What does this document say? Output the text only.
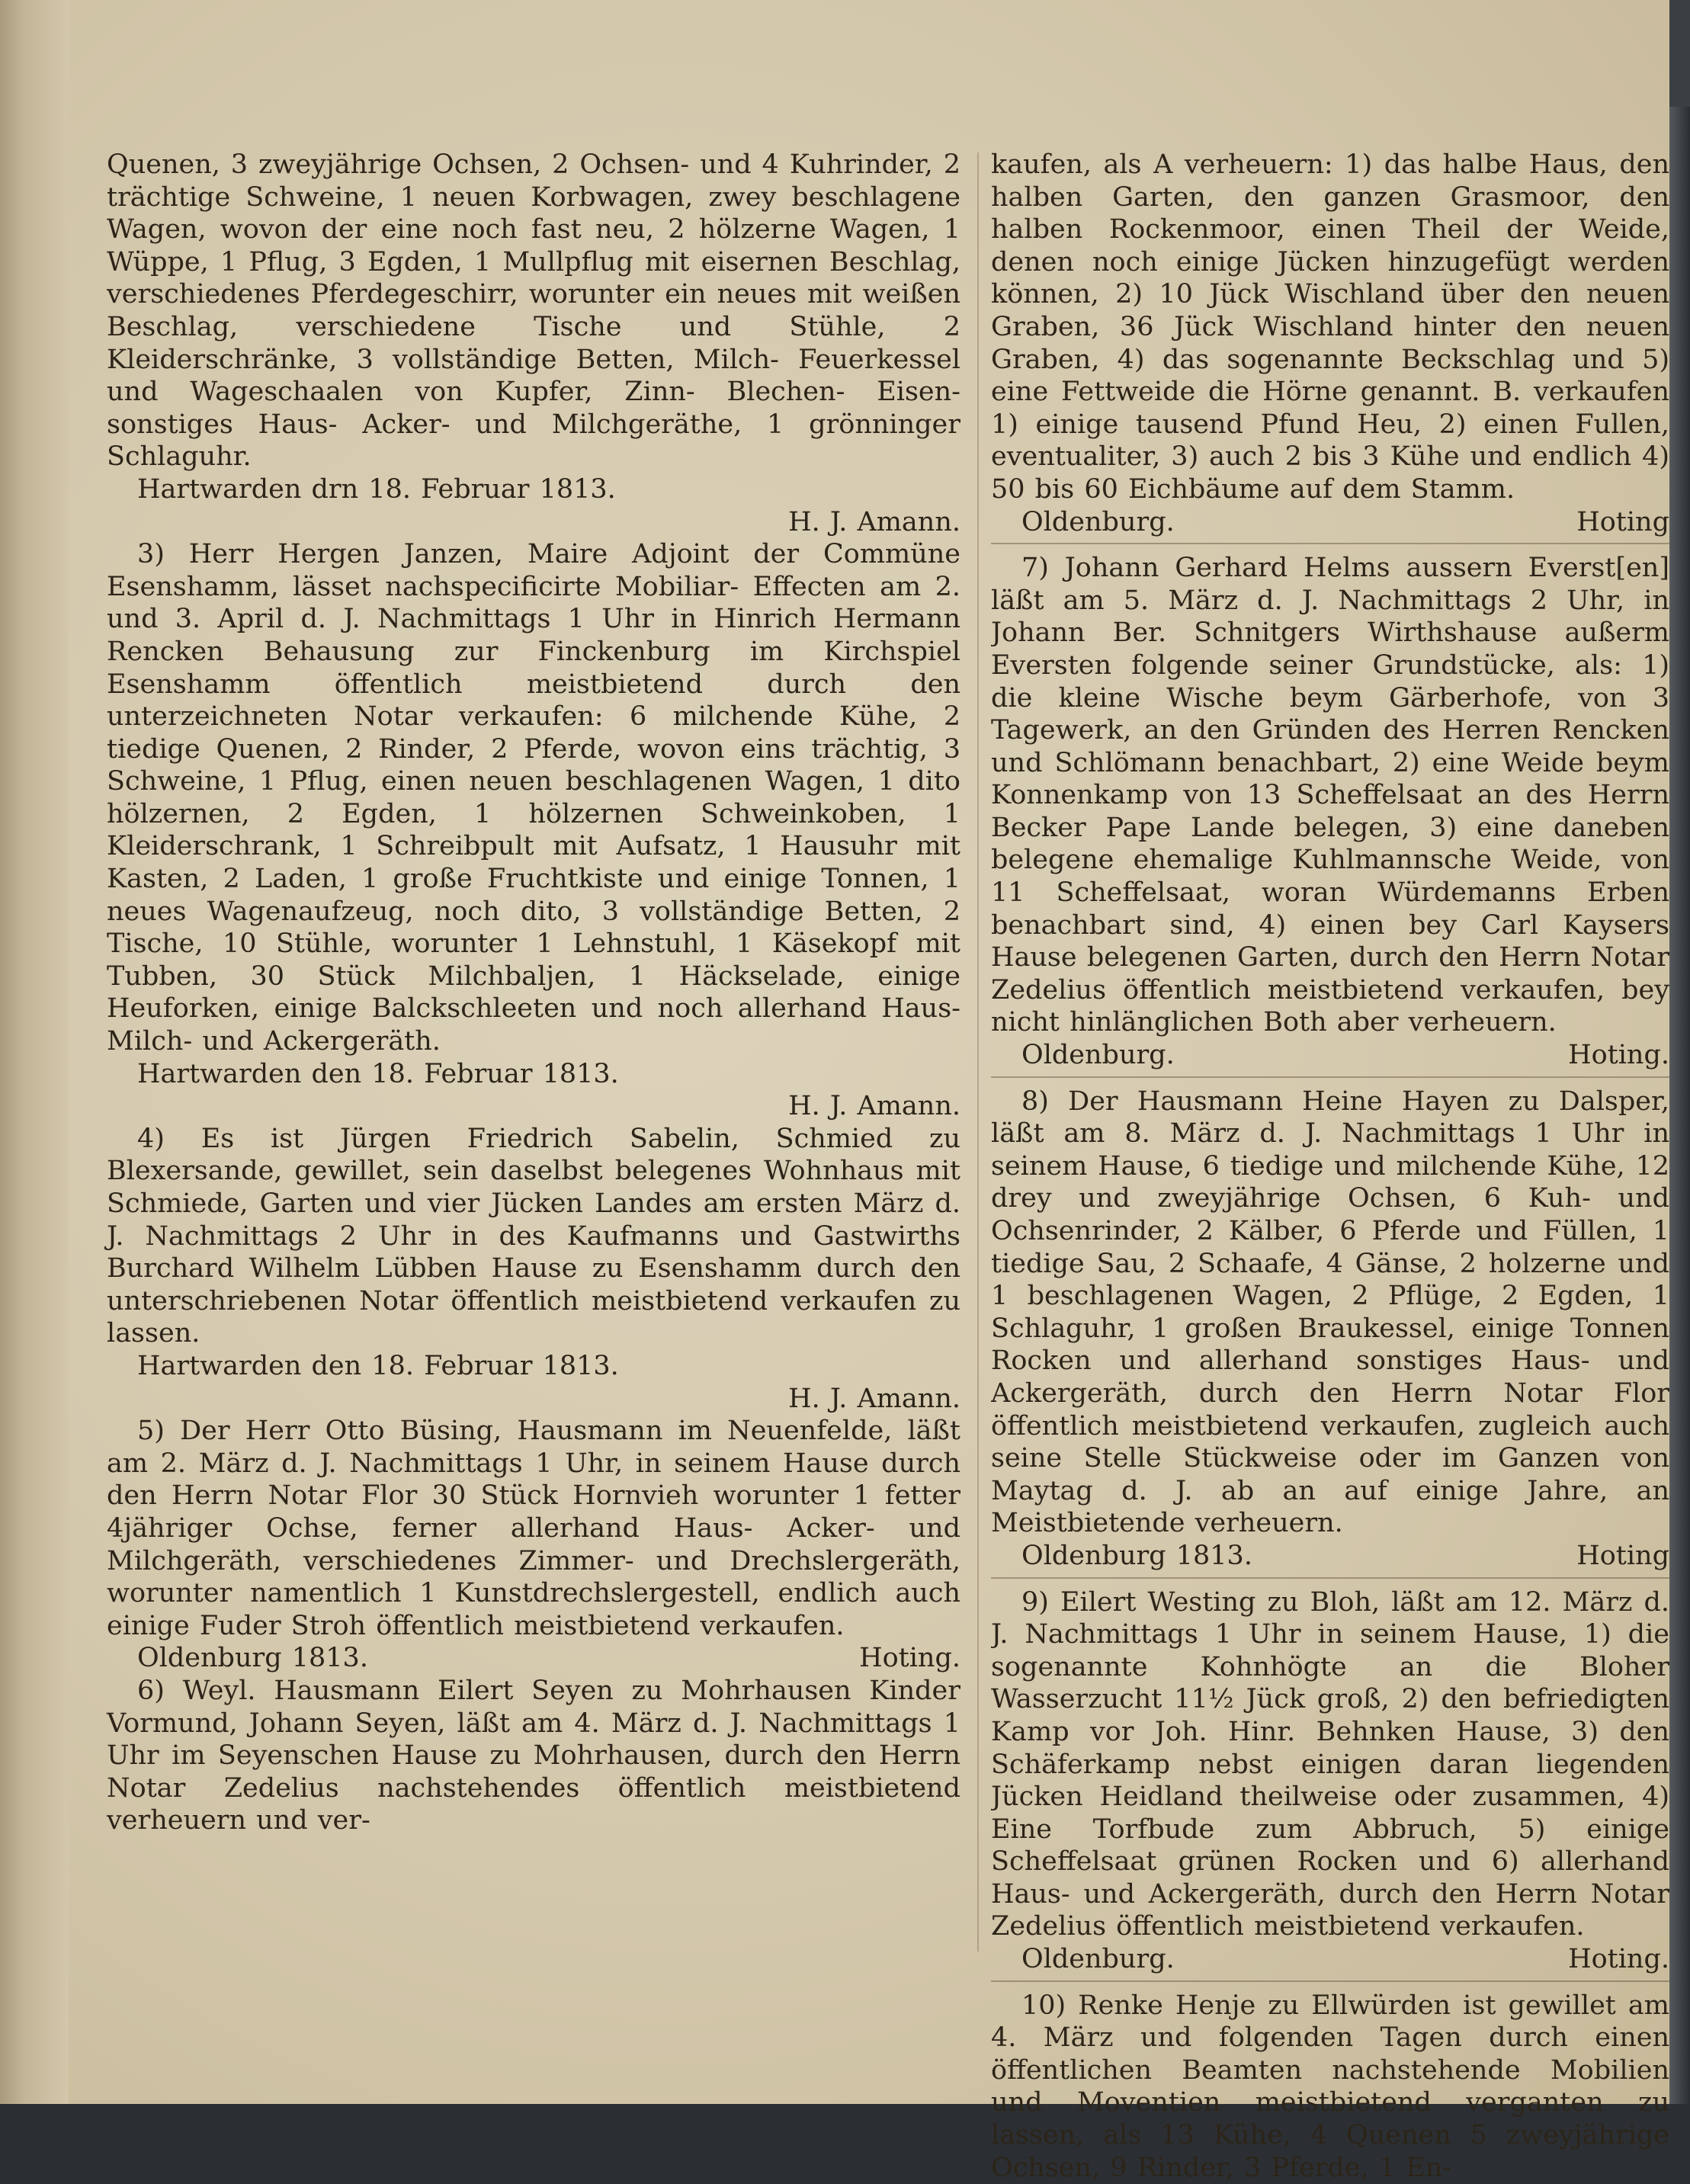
Quenen, 3 zweyjährige Ochsen, 2 Ochsen- und 4 Kuhrinder, 2 trächtige Schweine, 1 neuen Korbwagen, zwey beschlagene Wagen, wovon der eine noch fast neu, 2 hölzerne Wagen, 1 Wüppe, 1 Pflug, 3 Egden, 1 Mullpflug mit eisernen Beschlag, verschiedenes Pferdegeschirr, worunter ein neues mit weißen Beschlag, verschiedene Tische und Stühle, 2 Kleiderschränke, 3 vollständige Betten, Milch- Feuerkessel und Wageschaalen von Kupfer, Zinn- Blechen- Eisen- sonstiges Haus- Acker- und Milchgeräthe, 1 grönninger Schlaguhr.

Hartwarden drn 18. Februar 1813.

H. J. Amann.

3) Herr Hergen Janzen, Maire Adjoint der Commüne Esenshamm, lässet nachspecificirte Mobiliar- Effecten am 2. und 3. April d. J. Nachmittags 1 Uhr in Hinrich Hermann Rencken Behausung zur Finckenburg im Kirchspiel Esenshamm öffentlich meistbietend durch den unterzeichneten Notar verkaufen: 6 milchende Kühe, 2 tiedige Quenen, 2 Rinder, 2 Pferde, wovon eins trächtig, 3 Schweine, 1 Pflug, einen neuen beschlagenen Wagen, 1 dito hölzernen, 2 Egden, 1 hölzernen Schweinkoben, 1 Kleiderschrank, 1 Schreibpult mit Aufsatz, 1 Hausuhr mit Kasten, 2 Laden, 1 große Fruchtkiste und einige Tonnen, 1 neues Wagenaufzeug, noch dito, 3 vollständige Betten, 2 Tische, 10 Stühle, worunter 1 Lehnstuhl, 1 Käsekopf mit Tubben, 30 Stück Milchbaljen, 1 Häckselade, einige Heuforken, einige Balckschleeten und noch allerhand Haus- Milch- und Ackergeräth.

Hartwarden den 18. Februar 1813.

H. J. Amann.

4) Es ist Jürgen Friedrich Sabelin, Schmied zu Blexersande, gewillet, sein daselbst belegenes Wohnhaus mit Schmiede, Garten und vier Jücken Landes am ersten März d. J. Nachmittags 2 Uhr in des Kaufmanns und Gastwirths Burchard Wilhelm Lübben Hause zu Esenshamm durch den unterschriebenen Notar öffentlich meistbietend verkaufen zu lassen.

Hartwarden den 18. Februar 1813.

H. J. Amann.

5) Der Herr Otto Büsing, Hausmann im Neuenfelde, läßt am 2. März d. J. Nachmittags 1 Uhr, in seinem Hause durch den Herrn Notar Flor 30 Stück Hornvieh worunter 1 fetter 4jähriger Ochse, ferner allerhand Haus- Acker- und Milchgeräth, verschiedenes Zimmer- und Drechslergeräth, worunter namentlich 1 Kunstdrechslergestell, endlich auch einige Fuder Stroh öffentlich meistbietend verkaufen.

Oldenburg 1813.	Hoting.

6) Weyl. Hausmann Eilert Seyen zu Mohrhausen Kinder Vormund, Johann Seyen, läßt am 4. März d. J. Nachmittags 1 Uhr im Seyenschen Hause zu Mohrhausen, durch den Herrn Notar Zedelius nachstehendes öffentlich meistbietend verheuern und ver-

kaufen, als A verheuern: 1) das halbe Haus, den halben Garten, den ganzen Grasmoor, den halben Rockenmoor, einen Theil der Weide, denen noch einige Jücken hinzugefügt werden können, 2) 10 Jück Wischland über den neuen Graben, 36 Jück Wischland hinter den neuen Graben, 4) das sogenannte Beckschlag und 5) eine Fettweide die Hörne genannt. B. verkaufen 1) einige tausend Pfund Heu, 2) einen Fullen, eventualiter, 3) auch 2 bis 3 Kühe und endlich 4) 50 bis 60 Eichbäume auf dem Stamm.

Oldenburg.	Hoting

7) Johann Gerhard Helms aussern Everst[en] läßt am 5. März d. J. Nachmittags 2 Uhr, in Johann Ber. Schnitgers Wirthshause außerm Eversten folgende seiner Grundstücke, als: 1) die kleine Wische beym Gärberhofe, von 3 Tagewerk, an den Gründen des Herren Rencken und Schlömann benachbart, 2) eine Weide beym Konnenkamp von 13 Scheffelsaat an des Herrn Becker Pape Lande belegen, 3) eine daneben belegene ehemalige Kuhlmannsche Weide, von 11 Scheffelsaat, woran Würdemanns Erben benachbart sind, 4) einen bey Carl Kaysers Hause belegenen Garten, durch den Herrn Notar Zedelius öffentlich meistbietend verkaufen, bey nicht hinlänglichen Both aber verheuern.

Oldenburg.	Hoting.

8) Der Hausmann Heine Hayen zu Dalsper, läßt am 8. März d. J. Nachmittags 1 Uhr in seinem Hause, 6 tiedige und milchende Kühe, 12 drey und zweyjährige Ochsen, 6 Kuh- und Ochsenrinder, 2 Kälber, 6 Pferde und Füllen, 1 tiedige Sau, 2 Schaafe, 4 Gänse, 2 holzerne und 1 beschlagenen Wagen, 2 Pflüge, 2 Egden, 1 Schlaguhr, 1 großen Braukessel, einige Tonnen Rocken und allerhand sonstiges Haus- und Ackergeräth, durch den Herrn Notar Flor öffentlich meistbietend verkaufen, zugleich auch seine Stelle Stückweise oder im Ganzen von Maytag d. J. ab an auf einige Jahre, an Meistbietende verheuern.

Oldenburg 1813.	Hoting

9) Eilert Westing zu Bloh, läßt am 12. März d. J. Nachmittags 1 Uhr in seinem Hause, 1) die sogenannte Kohnhögte an die Bloher Wasserzucht 11½ Jück groß, 2) den befriedigten Kamp vor Joh. Hinr. Behnken Hause, 3) den Schäferkamp nebst einigen daran liegenden Jücken Heidland theilweise oder zusammen, 4) Eine Torfbude zum Abbruch, 5) einige Scheffelsaat grünen Rocken und 6) allerhand Haus- und Ackergeräth, durch den Herrn Notar Zedelius öffentlich meistbietend verkaufen.

Oldenburg.	Hoting.

10) Renke Henje zu Ellwürden ist gewillet am 4. März und folgenden Tagen durch einen öffentlichen Beamten nachstehende Mobilien und Moventien meistbietend verganten zu lassen, als 13 Kühe, 4 Quenen 5 zweyjährige Ochsen, 9 Rinder, 3 Pferde, 1 En-
